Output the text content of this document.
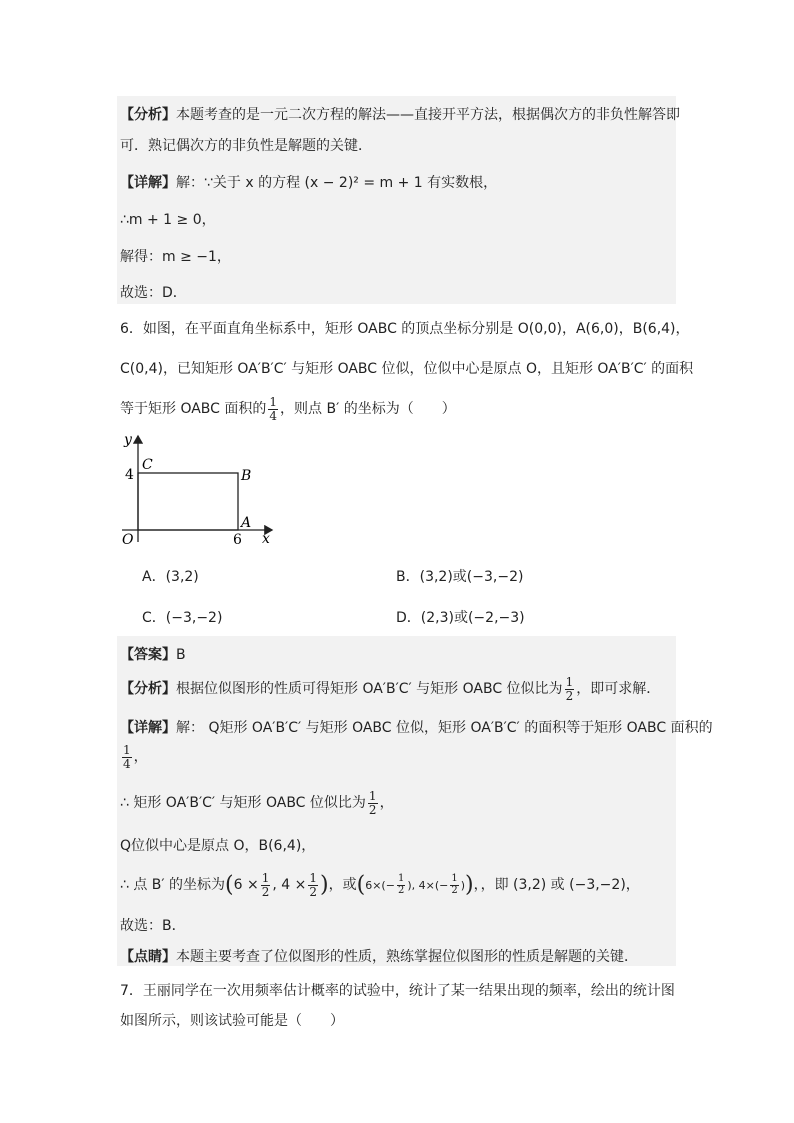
【分析】本题考查的是一元二次方程的解法——直接开平方法，根据偶次方的非负性解答即
可．熟记偶次方的非负性是解题的关键．
【详解】解：∵关于 x 的方程 (x − 2)² = m + 1 有实数根，
∴m + 1 ≥ 0，
解得：m ≥ −1，
故选：D．
6．如图，在平面直角坐标系中，矩形 OABC 的顶点坐标分别是 O(0,0)，A(6,0)，B(6,4)，
C(0,4)，已知矩形 OA′B′C′ 与矩形 OABC 位似，位似中心是原点 O，且矩形 OA′B′C′ 的面积
等于矩形 OABC 面积的 $\frac{1}{4}$ ，则点 B′ 的坐标为（　　）
y
x
O
C
B
A
4
6
A．(3,2)	B．(3,2)或(−3,−2)
C．(−3,−2)	D．(2,3)或(−2,−3)
【答案】B
【分析】根据位似图形的性质可得矩形 OA′B′C′ 与矩形 OABC 位似比为 $\frac{1}{2}$ ，即可求解．
【详解】解： Q矩形 OA′B′C′ 与矩形 OABC 位似，矩形 OA′B′C′ 的面积等于矩形 OABC 面积的
$\frac{1}{4}$ ，
∴ 矩形 OA′B′C′ 与矩形 OABC 位似比为 $\frac{1}{2}$ ，
Q位似中心是原点 O，B(6,4)，
∴ 点 B′ 的坐标为($6 \times \frac{1}{2}$ , $4 \times \frac{1}{2}$ )，或($6\times(- \frac{1}{2}$ ), $4\times(- \frac{1}{2}$ ))，，即 (3,2) 或 (−3,−2)，
故选：B．
【点睛】本题主要考查了位似图形的性质，熟练掌握位似图形的性质是解题的关键．
7．王丽同学在一次用频率估计概率的试验中，统计了某一结果出现的频率，绘出的统计图
如图所示，则该试验可能是（　　）
